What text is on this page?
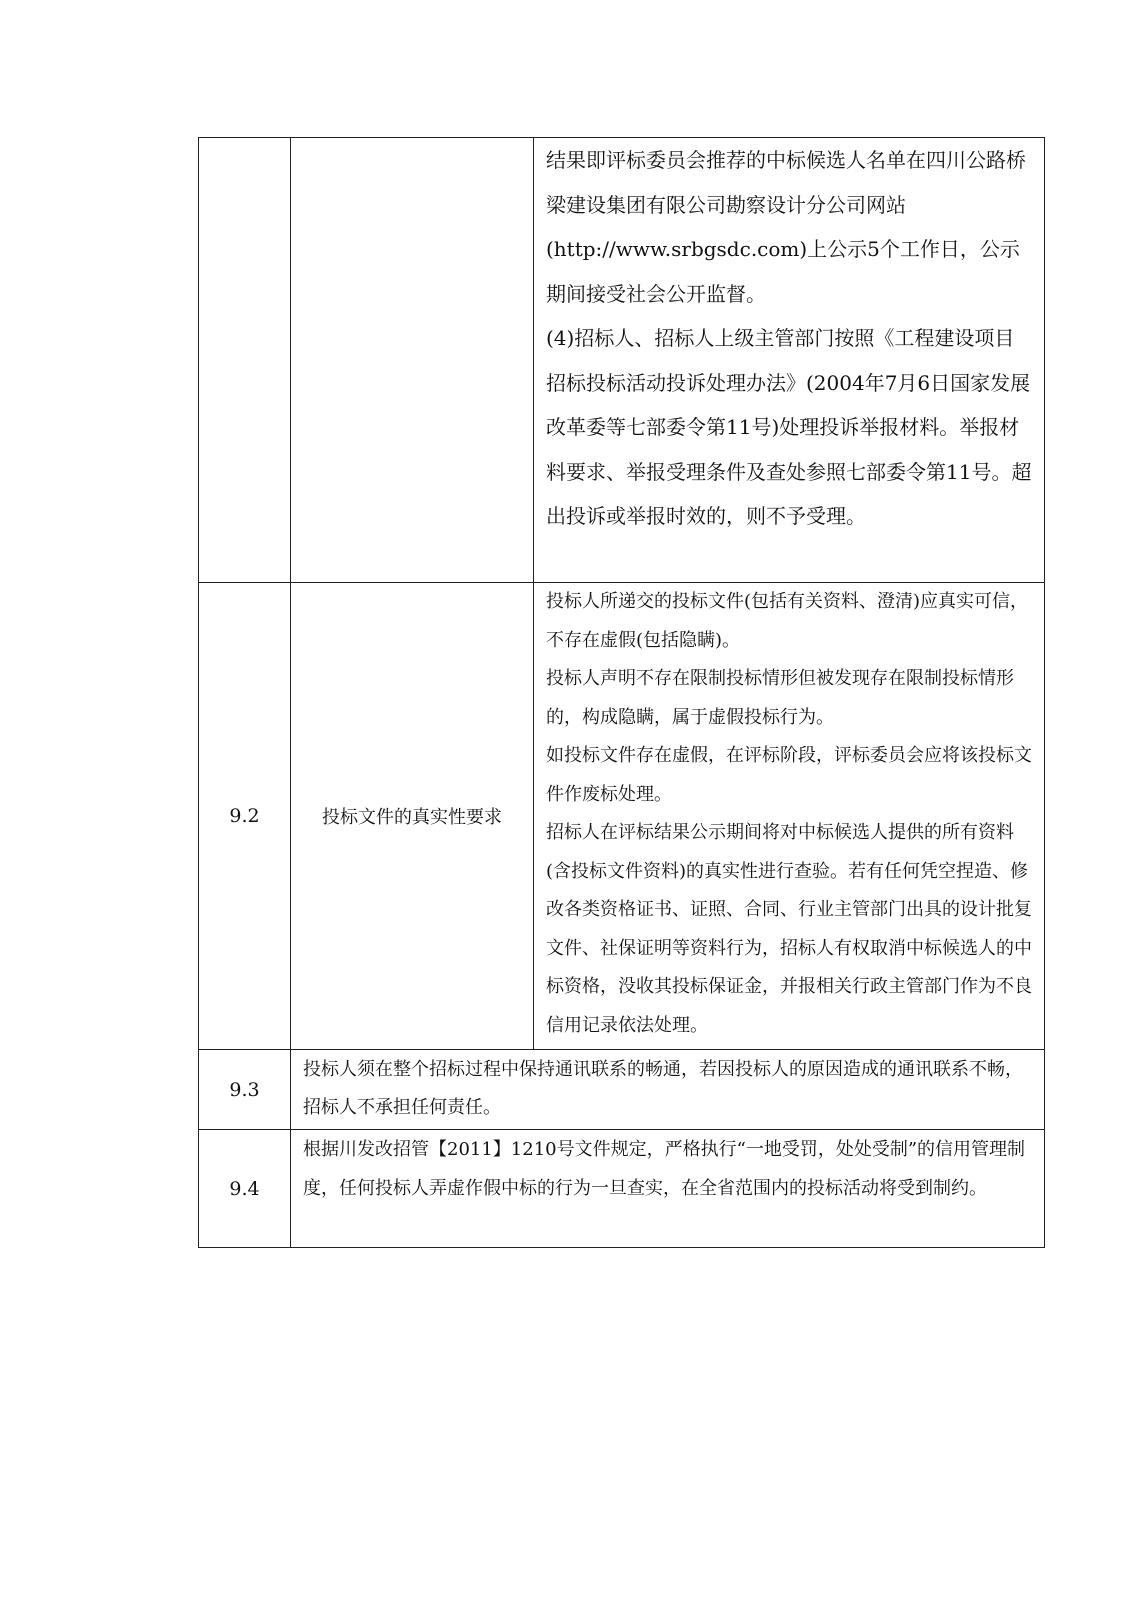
结果即评标委员会推荐的中标候选人名单在四川公路桥梁建设集团有限公司勘察设计分公司网站(http://www.srbgsdc.com)上公示5个工作日，公示期间接受社会公开监督。

(4)招标人、招标人上级主管部门按照《工程建设项目招标投标活动投诉处理办法》(2004年7月6日国家发展改革委等七部委令第11号)处理投诉举报材料。举报材料要求、举报受理条件及查处参照七部委令第11号。超出投诉或举报时效的，则不予受理。

9.2	投标文件的真实性要求

投标人所递交的投标文件(包括有关资料、澄清)应真实可信，不存在虚假(包括隐瞒)。

投标人声明不存在限制投标情形但被发现存在限制投标情形的，构成隐瞒，属于虚假投标行为。

如投标文件存在虚假，在评标阶段，评标委员会应将该投标文件作废标处理。

招标人在评标结果公示期间将对中标候选人提供的所有资料(含投标文件资料)的真实性进行查验。若有任何凭空捏造、修改各类资格证书、证照、合同、行业主管部门出具的设计批复文件、社保证明等资料行为，招标人有权取消中标候选人的中标资格，没收其投标保证金，并报相关行政主管部门作为不良信用记录依法处理。

9.3

投标人须在整个招标过程中保持通讯联系的畅通，若因投标人的原因造成的通讯联系不畅，招标人不承担任何责任。

9.4

根据川发改招管【2011】1210号文件规定，严格执行“一地受罚，处处受制”的信用管理制度，任何投标人弄虚作假中标的行为一旦查实，在全省范围内的投标活动将受到制约。
